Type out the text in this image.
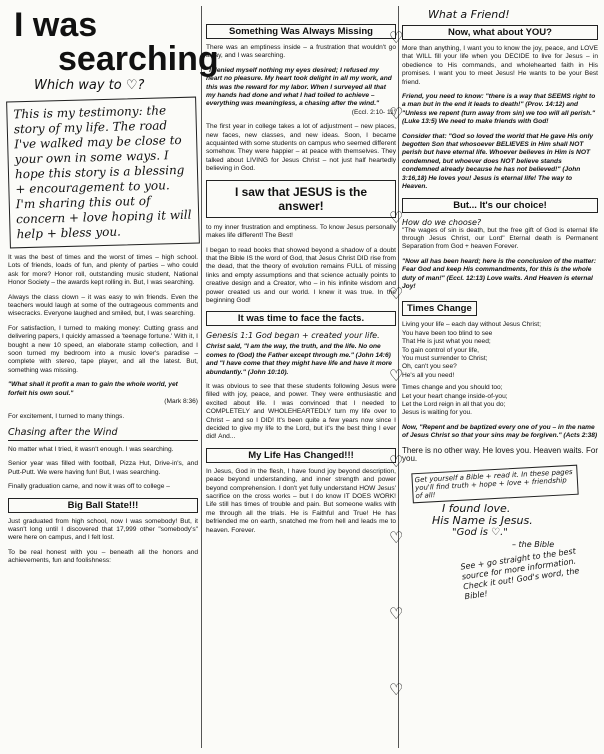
I was
searching
Which way to ♡?
This is my testimony: the story of my life. The road I've walked may be close to your own in some ways. I hope this story is a blessing + encouragement to you. I'm sharing this out of concern + love hoping it will help + bless you.

It was the best of times and the worst of times – high school. Lots of friends, loads of fun, and plenty of parties – who could ask for more? Honor roll, outstanding music student, National Honor Society – the awards kept rolling in. But, I was searching.

Always the class clown – it was easy to win friends. Even the teachers would laugh at some of the outrageous comments and wisecracks. Everyone laughed and smiled, but, I was searching.

For satisfaction, I turned to making money: Cutting grass and delivering papers, I quickly amassed a 'teenage fortune.' With it, I bought a new 10 speed, an elaborate stamp collection, and I soon turned my bedroom into a music lover's paradise – complete with stereo, tape player, and all the latest. But, something was missing.

"What shall it profit a man to gain the whole world, yet forfeit his own soul."

(Mark 8:36)

For excitement, I turned to many things.

Chasing after the Wind

No matter what I tried, it wasn't enough. I was searching.

Senior year was filled with football, Pizza Hut, Drive-in's, and Putt-Putt. We were having fun! But, I was searching.

Finally graduation came, and now it was off to college –

Big Ball State!!!

Just graduated from high school, now I was somebody! But, it wasn't long until I discovered that 17,999 other "somebody's" were here on campus, and I felt lost.

To be real honest with you – beneath all the honors and achievements, fun and foolishness:

Something Was Always Missing

There was an emptiness inside – a frustration that wouldn't go away, and I was searching.

"I denied myself nothing my eyes desired; I refused my heart no pleasure. My heart took delight in all my work, and this was the reward for my labor. When I surveyed all that my hands had done and what I had toiled to achieve – everything was meaningless, a chasing after the wind."
(Eccl. 2:10- 11)

The first year in college takes a lot of adjustment – new places, new faces, new classes, and new ideas. Soon, I became acquainted with some students on campus who seemed different somehow. They were happier – at peace with themselves. They talked about LIVING for Jesus Christ – not just half heartedly believing in God.

I saw that JESUS is the answer!

to my inner frustration and emptiness. To know Jesus personally makes life different! The Best!

I began to read books that showed beyond a shadow of a doubt that the Bible IS the word of God, that Jesus Christ DID rise from the dead, that the theory of evolution remains FULL of missing links and empty assumptions and that science actually points to creative design and a Creator, who – in his infinite wisdom and power created us and our world. I knew it was true. In the beginning God!

It was time to face the facts.
Genesis 1:1 God began + created your life.

Christ said, "I am the way, the truth, and the life. No one comes to (God) the Father except through me." (John 14:6) and "I have come that they might have life and have it more abundantly." (John 10:10).

It was obvious to see that these students following Jesus were filled with joy, peace, and power. They were enthusiastic and excited about life. I was convinced that I needed to COMPLETELY and WHOLEHEARTEDLY turn my life over to Christ – and so I DID! It's been quite a few years now since I decided to give my life to the Lord, but it's the best thing I ever did! And...

My Life Has Changed!!!

In Jesus, God in the flesh, I have found joy beyond description, peace beyond understanding, and inner strength and power beyond comprehension. I don't yet fully understand HOW Jesus' sacrifice on the cross works – but I do know IT DOES WORK! Life still has times of trouble and pain. But someone walks with me through all the trials. He is Faithful and True! He has befriended me on earth, snatched me from hell and leads me to heaven. Forever.

What a Friend!
Now, what about YOU?

More than anything, I want you to know the joy, peace, and LOVE that WILL fill your life when you DECIDE to live for Jesus – in obedience to His commands, and wholehearted faith in His promises. I want you to meet Jesus! He wants to be your Best friend.

Friend, you need to know: "there is a way that SEEMS right to a man but in the end it leads to death!" (Prov. 14:12) and "Unless we repent (turn away from sin) we too will all perish." (Luke 13:5) We need to make friends with God!

Consider that: "God so loved the world that He gave His only begotten Son that whosoever BELIEVES in Him shall NOT perish but have eternal life. Whoever believes in Him is NOT condemned, but whoever does NOT believe stands condemned already because he has not believed!" (John 3:16,18) He loves you! Jesus is eternal life! The way to Heaven.

But... It's our choice!
How do we choose?

"The wages of sin is death, but the free gift of God is eternal life through Jesus Christ, our Lord" Eternal death is Permanent Separation from God + heaven Forever.

"Now all has been heard; here is the conclusion of the matter: Fear God and keep His commandments, for this is the whole duty of man!" (Eccl. 12:13) Love waits. And Heaven is eternal Joy!

Times Change
Living your life – each day without Jesus Christ;
You have been too blind to see
That He is just what you need;
To gain control of your life,
You must surrender to Christ;
Oh, can't you see?
He's all you need!
Times change and you should too;
Let your heart change inside-of-you;
Let the Lord reign in all that you do;
Jesus is waiting for you.

Now, "Repent and be baptized every one of you – in the name of Jesus Christ so that your sins may be forgiven." (Acts 2:38)

There is no other way. He loves you. Heaven waits. For you.

Get yourself a Bible + read it. In these pages you'll find truth + hope + love + friendship of all!
I found love.
His Name is Jesus.
"God is ♡."
– the Bible
See + go straight to the best source for more information. Check it out! God's word, the Bible!
♡
♡
♡
♡
♡
♡
♡
♡
♡
